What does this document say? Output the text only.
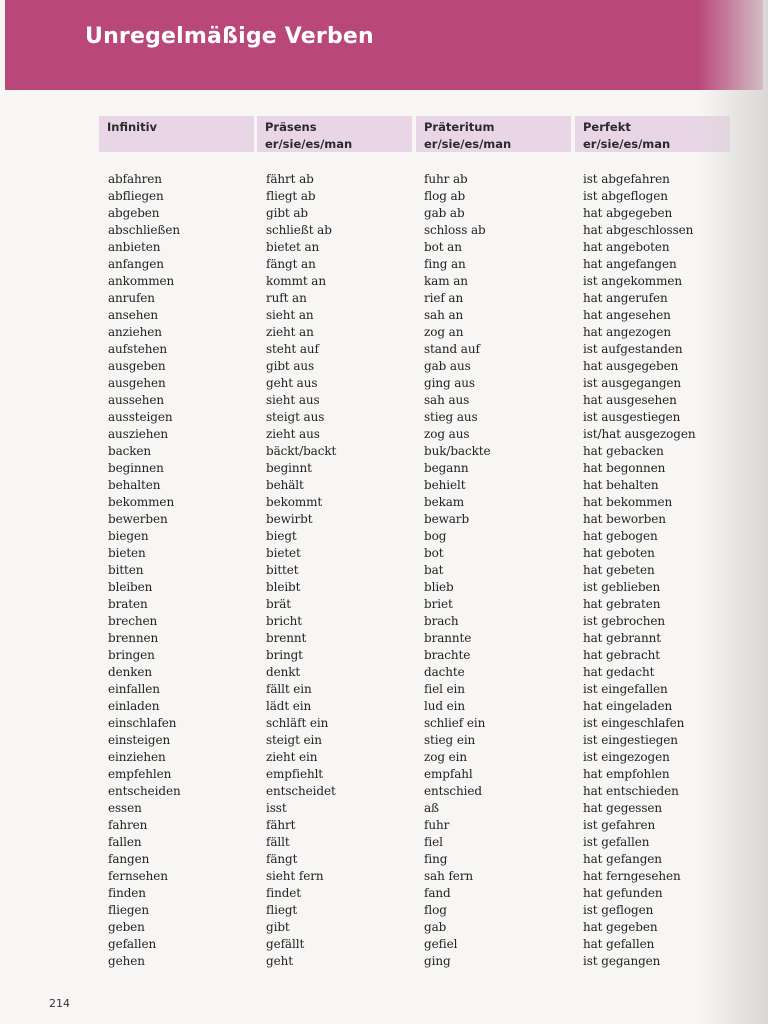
Unregelmäßige Verben
Infinitiv	Präsens
er/sie/es/man
Präteritum
er/sie/es/man
Perfekt
er/sie/es/man
abfahren
abfliegen
abgeben
abschließen
anbieten
anfangen
ankommen
anrufen
ansehen
anziehen
aufstehen
ausgeben
ausgehen
aussehen
aussteigen
ausziehen
backen
beginnen
behalten
bekommen
bewerben
biegen
bieten
bitten
bleiben
braten
brechen
brennen
bringen
denken
einfallen
einladen
einschlafen
einsteigen
einziehen
empfehlen
entscheiden
essen
fahren
fallen
fangen
fernsehen
finden
fliegen
geben
gefallen
gehen
fährt ab
fliegt ab
gibt ab
schließt ab
bietet an
fängt an
kommt an
ruft an
sieht an
zieht an
steht auf
gibt aus
geht aus
sieht aus
steigt aus
zieht aus
bäckt/backt
beginnt
behält
bekommt
bewirbt
biegt
bietet
bittet
bleibt
brät
bricht
brennt
bringt
denkt
fällt ein
lädt ein
schläft ein
steigt ein
zieht ein
empfiehlt
entscheidet
isst
fährt
fällt
fängt
sieht fern
findet
fliegt
gibt
gefällt
geht
fuhr ab
flog ab
gab ab
schloss ab
bot an
fing an
kam an
rief an
sah an
zog an
stand auf
gab aus
ging aus
sah aus
stieg aus
zog aus
buk/backte
begann
behielt
bekam
bewarb
bog
bot
bat
blieb
briet
brach
brannte
brachte
dachte
fiel ein
lud ein
schlief ein
stieg ein
zog ein
empfahl
entschied
aß
fuhr
fiel
fing
sah fern
fand
flog
gab
gefiel
ging
ist abgefahren
ist abgeflogen
hat abgegeben
hat abgeschlossen
hat angeboten
hat angefangen
ist angekommen
hat angerufen
hat angesehen
hat angezogen
ist aufgestanden
hat ausgegeben
ist ausgegangen
hat ausgesehen
ist ausgestiegen
ist/hat ausgezogen
hat gebacken
hat begonnen
hat behalten
hat bekommen
hat beworben
hat gebogen
hat geboten
hat gebeten
ist geblieben
hat gebraten
ist gebrochen
hat gebrannt
hat gebracht
hat gedacht
ist eingefallen
hat eingeladen
ist eingeschlafen
ist eingestiegen
ist eingezogen
hat empfohlen
hat entschieden
hat gegessen
ist gefahren
ist gefallen
hat gefangen
hat ferngesehen
hat gefunden
ist geflogen
hat gegeben
hat gefallen
ist gegangen
214
